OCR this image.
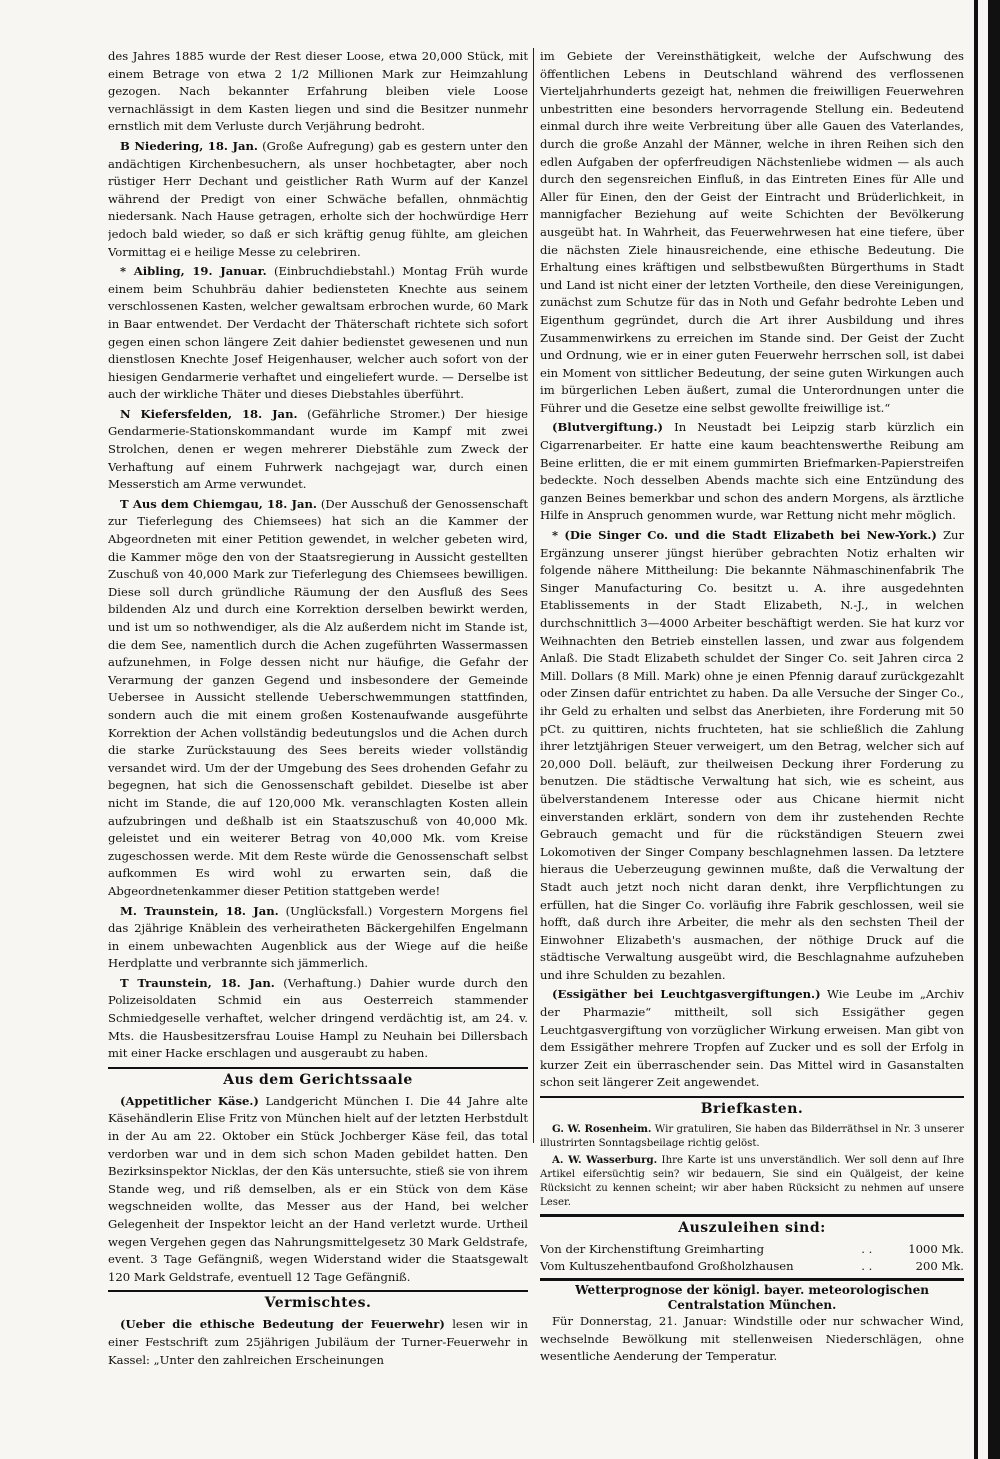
des Jahres 1885 wurde der Rest dieser Loose, etwa 20,000 Stück, mit einem Betrage von etwa 2 1/2 Millionen Mark zur Heimzahlung gezogen. Nach bekannter Erfahrung bleiben viele Loose vernachlässigt in dem Kasten liegen und sind die Besitzer nunmehr ernstlich mit dem Verluste durch Verjährung bedroht.

B Niedering, 18. Jan. (Große Aufregung) gab es gestern unter den andächtigen Kirchenbesuchern, als unser hochbetagter, aber noch rüstiger Herr Dechant und geistlicher Rath Wurm auf der Kanzel während der Predigt von einer Schwäche befallen, ohnmächtig niedersank. Nach Hause getragen, erholte sich der hochwürdige Herr jedoch bald wieder, so daß er sich kräftig genug fühlte, am gleichen Vormittag ei e heilige Messe zu celebriren.

* Aibling, 19. Januar. (Einbruchdiebstahl.) Montag Früh wurde einem beim Schuhbräu dahier bediensteten Knechte aus seinem verschlossenen Kasten, welcher gewaltsam erbrochen wurde, 60 Mark in Baar entwendet. Der Verdacht der Thäterschaft richtete sich sofort gegen einen schon längere Zeit dahier bedienstet gewesenen und nun dienstlosen Knechte Josef Heigenhauser, welcher auch sofort von der hiesigen Gendarmerie verhaftet und eingeliefert wurde. — Derselbe ist auch der wirkliche Thäter und dieses Diebstahles überführt.

N Kiefersfelden, 18. Jan. (Gefährliche Stromer.) Der hiesige Gendarmerie-Stationskommandant wurde im Kampf mit zwei Strolchen, denen er wegen mehrerer Diebstähle zum Zweck der Verhaftung auf einem Fuhrwerk nachgejagt war, durch einen Messerstich am Arme verwundet.

T Aus dem Chiemgau, 18. Jan. (Der Ausschuß der Genossenschaft zur Tieferlegung des Chiemsees) hat sich an die Kammer der Abgeordneten mit einer Petition gewendet, in welcher gebeten wird, die Kammer möge den von der Staatsregierung in Aussicht gestellten Zuschuß von 40,000 Mark zur Tieferlegung des Chiemsees bewilligen. Diese soll durch gründliche Räumung der den Ausfluß des Sees bildenden Alz und durch eine Korrektion derselben bewirkt werden, und ist um so nothwendiger, als die Alz außerdem nicht im Stande ist, die dem See, namentlich durch die Achen zugeführten Wassermassen aufzunehmen, in Folge dessen nicht nur häufige, die Gefahr der Verarmung der ganzen Gegend und insbesondere der Gemeinde Uebersee in Aussicht stellende Ueberschwemmungen stattfinden, sondern auch die mit einem großen Kostenaufwande ausgeführte Korrektion der Achen vollständig bedeutungslos und die Achen durch die starke Zurückstauung des Sees bereits wieder vollständig versandet wird. Um der der Umgebung des Sees drohenden Gefahr zu begegnen, hat sich die Genossenschaft gebildet. Dieselbe ist aber nicht im Stande, die auf 120,000 Mk. veranschlagten Kosten allein aufzubringen und deßhalb ist ein Staatszuschuß von 40,000 Mk. geleistet und ein weiterer Betrag von 40,000 Mk. vom Kreise zugeschossen werde. Mit dem Reste würde die Genossenschaft selbst aufkommen Es wird wohl zu erwarten sein, daß die Abgeordnetenkammer dieser Petition stattgeben werde!

M. Traunstein, 18. Jan. (Unglücksfall.) Vorgestern Morgens fiel das 2jährige Knäblein des verheiratheten Bäckergehilfen Engelmann in einem unbewachten Augenblick aus der Wiege auf die heiße Herdplatte und verbrannte sich jämmerlich.

T Traunstein, 18. Jan. (Verhaftung.) Dahier wurde durch den Polizeisoldaten Schmid ein aus Oesterreich stammender Schmiedgeselle verhaftet, welcher dringend verdächtig ist, am 24. v. Mts. die Hausbesitzersfrau Louise Hampl zu Neuhain bei Dillersbach mit einer Hacke erschlagen und ausgeraubt zu haben.

Aus dem Gerichtssaale

(Appetitlicher Käse.) Landgericht München I. Die 44 Jahre alte Käsehändlerin Elise Fritz von München hielt auf der letzten Herbstdult in der Au am 22. Oktober ein Stück Jochberger Käse feil, das total verdorben war und in dem sich schon Maden gebildet hatten. Den Bezirksinspektor Nicklas, der den Käs untersuchte, stieß sie von ihrem Stande weg, und riß demselben, als er ein Stück von dem Käse wegschneiden wollte, das Messer aus der Hand, bei welcher Gelegenheit der Inspektor leicht an der Hand verletzt wurde. Urtheil wegen Vergehen gegen das Nahrungsmittelgesetz 30 Mark Geldstrafe, event. 3 Tage Gefängniß, wegen Widerstand wider die Staatsgewalt 120 Mark Geldstrafe, eventuell 12 Tage Gefängniß.

Vermischtes.

(Ueber die ethische Bedeutung der Feuerwehr) lesen wir in einer Festschrift zum 25jährigen Jubiläum der Turner-Feuerwehr in Kassel: „Unter den zahlreichen Erscheinungen

im Gebiete der Vereinsthätigkeit, welche der Aufschwung des öffentlichen Lebens in Deutschland während des verflossenen Vierteljahrhunderts gezeigt hat, nehmen die freiwilligen Feuerwehren unbestritten eine besonders hervorragende Stellung ein. Bedeutend einmal durch ihre weite Verbreitung über alle Gauen des Vaterlandes, durch die große Anzahl der Männer, welche in ihren Reihen sich den edlen Aufgaben der opferfreudigen Nächstenliebe widmen — als auch durch den segensreichen Einfluß, in das Eintreten Eines für Alle und Aller für Einen, den der Geist der Eintracht und Brüderlichkeit, in mannigfacher Beziehung auf weite Schichten der Bevölkerung ausgeübt hat. In Wahrheit, das Feuerwehrwesen hat eine tiefere, über die nächsten Ziele hinausreichende, eine ethische Bedeutung. Die Erhaltung eines kräftigen und selbstbewußten Bürgerthums in Stadt und Land ist nicht einer der letzten Vortheile, den diese Vereinigungen, zunächst zum Schutze für das in Noth und Gefahr bedrohte Leben und Eigenthum gegründet, durch die Art ihrer Ausbildung und ihres Zusammenwirkens zu erreichen im Stande sind. Der Geist der Zucht und Ordnung, wie er in einer guten Feuerwehr herrschen soll, ist dabei ein Moment von sittlicher Bedeutung, der seine guten Wirkungen auch im bürgerlichen Leben äußert, zumal die Unterordnungen unter die Führer und die Gesetze eine selbst gewollte freiwillige ist.“

(Blutvergiftung.) In Neustadt bei Leipzig starb kürzlich ein Cigarrenarbeiter. Er hatte eine kaum beachtenswerthe Reibung am Beine erlitten, die er mit einem gummirten Briefmarken-Papierstreifen bedeckte. Noch desselben Abends machte sich eine Entzündung des ganzen Beines bemerkbar und schon des andern Morgens, als ärztliche Hilfe in Anspruch genommen wurde, war Rettung nicht mehr möglich.

* (Die Singer Co. und die Stadt Elizabeth bei New-York.) Zur Ergänzung unserer jüngst hierüber gebrachten Notiz erhalten wir folgende nähere Mittheilung: Die bekannte Nähmaschinenfabrik The Singer Manufacturing Co. besitzt u. A. ihre ausgedehnten Etablissements in der Stadt Elizabeth, N.-J., in welchen durchschnittlich 3—4000 Arbeiter beschäftigt werden. Sie hat kurz vor Weihnachten den Betrieb einstellen lassen, und zwar aus folgendem Anlaß. Die Stadt Elizabeth schuldet der Singer Co. seit Jahren circa 2 Mill. Dollars (8 Mill. Mark) ohne je einen Pfennig darauf zurückgezahlt oder Zinsen dafür entrichtet zu haben. Da alle Versuche der Singer Co., ihr Geld zu erhalten und selbst das Anerbieten, ihre Forderung mit 50 pCt. zu quittiren, nichts fruchteten, hat sie schließlich die Zahlung ihrer letztjährigen Steuer verweigert, um den Betrag, welcher sich auf 20,000 Doll. beläuft, zur theilweisen Deckung ihrer Forderung zu benutzen. Die städtische Verwaltung hat sich, wie es scheint, aus übelverstandenem Interesse oder aus Chicane hiermit nicht einverstanden erklärt, sondern von dem ihr zustehenden Rechte Gebrauch gemacht und für die rückständigen Steuern zwei Lokomotiven der Singer Company beschlagnehmen lassen. Da letztere hieraus die Ueberzeugung gewinnen mußte, daß die Verwaltung der Stadt auch jetzt noch nicht daran denkt, ihre Verpflichtungen zu erfüllen, hat die Singer Co. vorläufig ihre Fabrik geschlossen, weil sie hofft, daß durch ihre Arbeiter, die mehr als den sechsten Theil der Einwohner Elizabeth's ausmachen, der nöthige Druck auf die städtische Verwaltung ausgeübt wird, die Beschlagnahme aufzuheben und ihre Schulden zu bezahlen.

(Essigäther bei Leuchtgasvergiftungen.) Wie Leube im „Archiv der Pharmazie“ mittheilt, soll sich Essigäther gegen Leuchtgasvergiftung von vorzüglicher Wirkung erweisen. Man gibt von dem Essigäther mehrere Tropfen auf Zucker und es soll der Erfolg in kurzer Zeit ein überraschender sein. Das Mittel wird in Gasanstalten schon seit längerer Zeit angewendet.

Briefkasten.

G. W. Rosenheim. Wir gratuliren, Sie haben das Bilderräthsel in Nr. 3 unserer illustrirten Sonntagsbeilage richtig gelöst.

A. W. Wasserburg. Ihre Karte ist uns unverständlich. Wer soll denn auf Ihre Artikel eifersüchtig sein? wir bedauern, Sie sind ein Quälgeist, der keine Rücksicht zu kennen scheint; wir aber haben Rücksicht zu nehmen auf unsere Leser.

Auszuleihen sind:
Von der Kirchenstiftung Greimharting	. .	1000 Mk.
Vom Kultuszehentbaufond Großholzhausen	. .	200 Mk.
Wetterprognose der königl. bayer. meteorologischen Centralstation München.

Für Donnerstag, 21. Januar: Windstille oder nur schwacher Wind, wechselnde Bewölkung mit stellenweisen Niederschlägen, ohne wesentliche Aenderung der Temperatur.
